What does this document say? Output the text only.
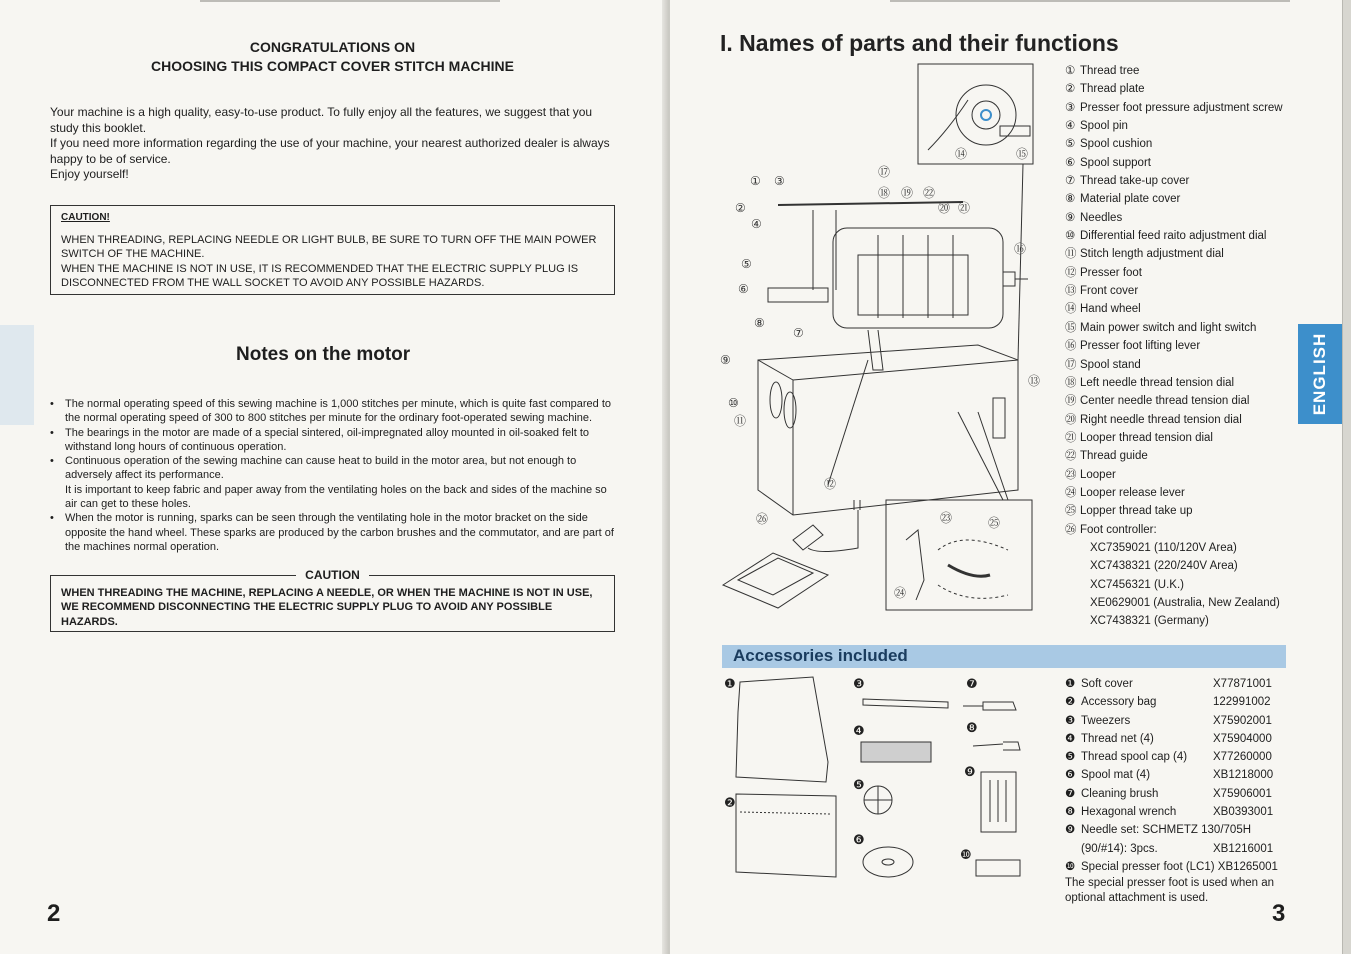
CONGRATULATIONS ON
CHOOSING THIS COMPACT COVER STITCH MACHINE
Your machine is a high quality, easy-to-use product. To fully enjoy all the features, we suggest that you study this booklet.
If you need more information regarding the use of your machine, your nearest authorized dealer is always happy to be of service.
Enjoy yourself!
CAUTION!
WHEN THREADING, REPLACING NEEDLE OR LIGHT BULB, BE SURE TO TURN OFF THE MAIN POWER SWITCH OF THE MACHINE.
WHEN THE MACHINE IS NOT IN USE, IT IS RECOMMENDED THAT THE ELECTRIC SUPPLY PLUG IS DISCONNECTED FROM THE WALL SOCKET TO AVOID ANY POSSIBLE HAZARDS.
Notes on the motor
• The normal operating speed of this sewing machine is 1,000 stitches per minute, which is quite fast compared to the normal operating speed of 300 to 800 stitches per minute for the ordinary foot-operated sewing machine.
• The bearings in the motor are made of a special sintered, oil-impregnated alloy mounted in oil-soaked felt to withstand long hours of continuous operation.
• Continuous operation of the sewing machine can cause heat to build in the motor area, but not enough to adversely affect its performance.
It is important to keep fabric and paper away from the ventilating holes on the back and sides of the machine so air can get to these holes.
• When the motor is running, sparks can be seen through the ventilating hole in the motor bracket on the side opposite the hand wheel. These sparks are produced by the carbon brushes and the commutator, and are part of the machines normal operation.
CAUTION
WHEN THREADING THE MACHINE, REPLACING A NEEDLE, OR WHEN THE MACHINE IS NOT IN USE, WE RECOMMEND DISCONNECTING THE ELECTRIC SUPPLY PLUG TO AVOID ANY POSSIBLE HAZARDS.
2
I. Names of parts and their functions
① ③
②
④
⑤
⑥
⑧
⑦
⑨
⑩
⑪
⑫
⑬
⑭	⑮
⑯
⑰
⑱ ⑲ ㉒
⑳ ㉑
㉓
㉔
㉕
㉖
① Thread tree
② Thread plate
③ Presser foot pressure adjustment screw
④ Spool pin
⑤ Spool cushion
⑥ Spool support
⑦ Thread take-up cover
⑧ Material plate cover
⑨ Needles
⑩ Differential feed raito adjustment dial
⑪ Stitch length adjustment dial
⑫ Presser foot
⑬ Front cover
⑭ Hand wheel
⑮ Main power switch and light switch
⑯ Presser foot lifting lever
⑰ Spool stand
⑱ Left needle thread tension dial
⑲ Center needle thread tension dial
⑳ Right needle thread tension dial
㉑ Looper thread tension dial
㉒ Thread guide
㉓ Looper
㉔ Looper release lever
㉕ Lopper thread take up
㉖ Foot controller:
XC7359021 (110/120V Area)
XC7438321 (220/240V Area)
XC7456321 (U.K.)
XE0629001 (Australia, New Zealand)
XC7438321 (Germany)
Accessories included
❶
❷
❸
❹
❺
❻
❼
❽
❾
❿
❶ Soft cover	X77871001
❷ Accessory bag	122991002
❸ Tweezers	X75902001
❹ Thread net (4)	X75904000
❺ Thread spool cap (4)	X77260000
❻ Spool mat (4)	XB1218000
❼ Cleaning brush	X75906001
❽ Hexagonal wrench	XB0393001
❾ Needle set: SCHMETZ 130/705H
(90/#14): 3pcs.	XB1216001
❿ Special presser foot (LC1) XB1265001
The special presser foot is used when an optional attachment is used.
3
ENGLISH
